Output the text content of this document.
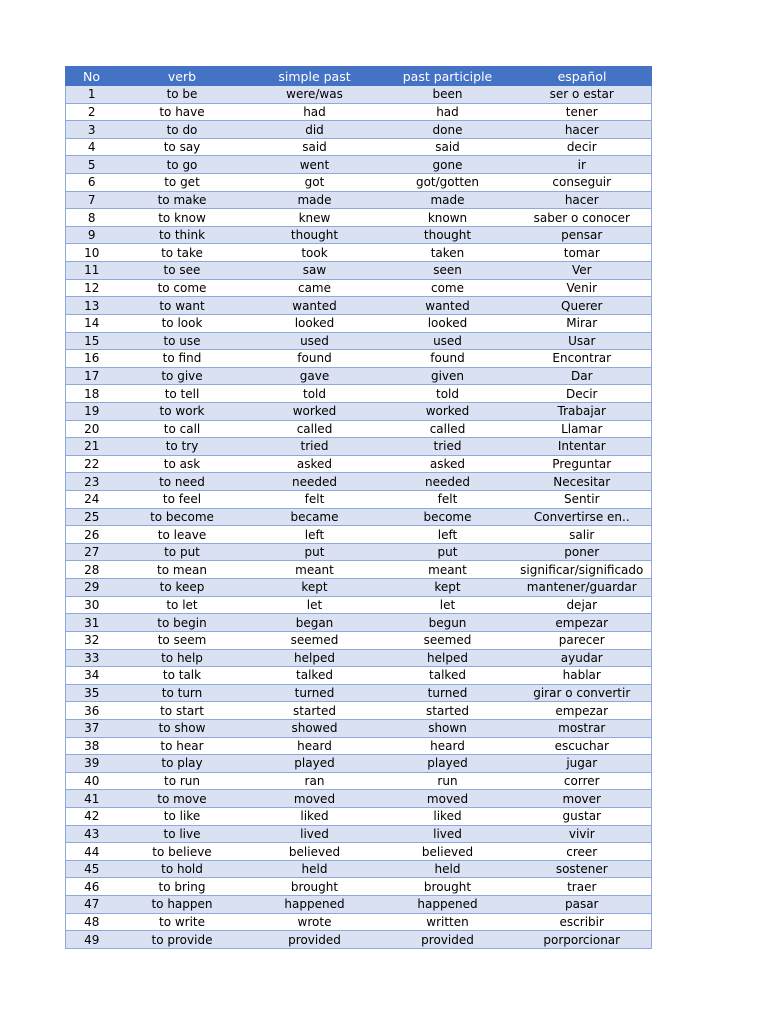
No	verb	simple past	past participle	español
1	to be	were/was	been	ser o estar
2	to have	had	had	tener
3	to do	did	done	hacer
4	to say	said	said	decir
5	to go	went	gone	ir
6	to get	got	got/gotten	conseguir
7	to make	made	made	hacer
8	to know	knew	known	saber o conocer
9	to think	thought	thought	pensar
10	to take	took	taken	tomar
11	to see	saw	seen	Ver
12	to come	came	come	Venir
13	to want	wanted	wanted	Querer
14	to look	looked	looked	Mirar
15	to use	used	used	Usar
16	to find	found	found	Encontrar
17	to give	gave	given	Dar
18	to tell	told	told	Decir
19	to work	worked	worked	Trabajar
20	to call	called	called	Llamar
21	to try	tried	tried	Intentar
22	to ask	asked	asked	Preguntar
23	to need	needed	needed	Necesitar
24	to feel	felt	felt	Sentir
25	to become	became	become	Convertirse en..
26	to leave	left	left	salir
27	to put	put	put	poner
28	to mean	meant	meant	significar/significado
29	to keep	kept	kept	mantener/guardar
30	to let	let	let	dejar
31	to begin	began	begun	empezar
32	to seem	seemed	seemed	parecer
33	to help	helped	helped	ayudar
34	to talk	talked	talked	hablar
35	to turn	turned	turned	girar o convertir
36	to start	started	started	empezar
37	to show	showed	shown	mostrar
38	to hear	heard	heard	escuchar
39	to play	played	played	jugar
40	to run	ran	run	correr
41	to move	moved	moved	mover
42	to like	liked	liked	gustar
43	to live	lived	lived	vivir
44	to believe	believed	believed	creer
45	to hold	held	held	sostener
46	to bring	brought	brought	traer
47	to happen	happened	happened	pasar
48	to write	wrote	written	escribir
49	to provide	provided	provided	porporcionar
